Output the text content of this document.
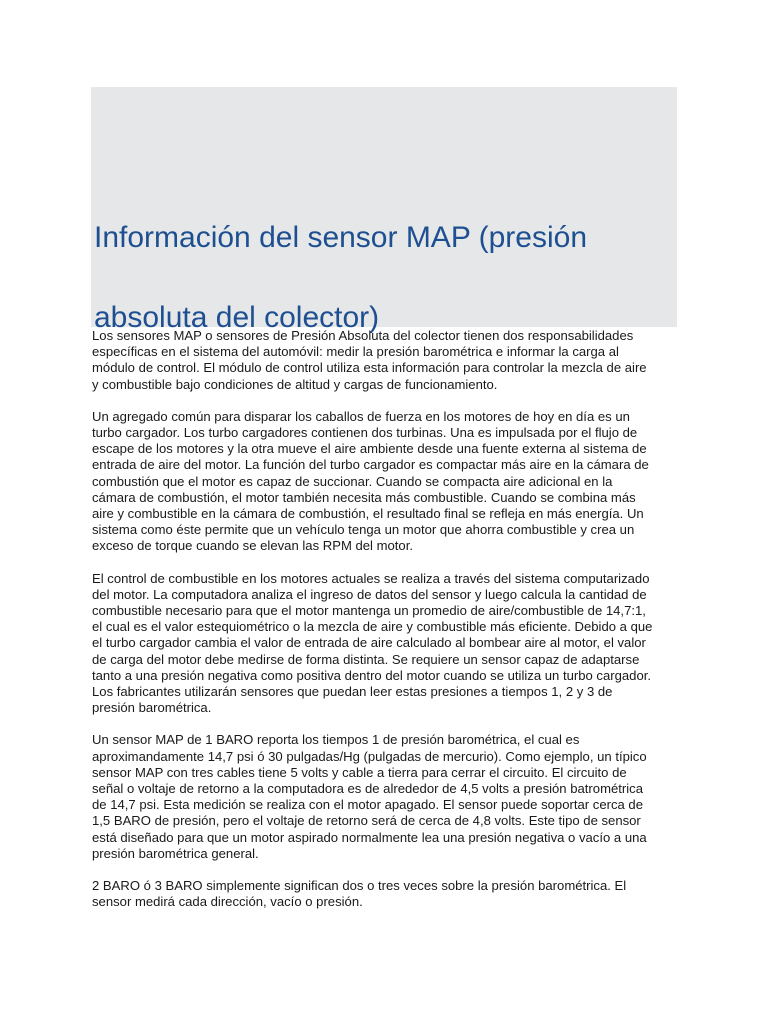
Información del sensor MAP (presión
absoluta del colector)

Los sensores MAP o sensores de Presión Absoluta del colector tienen dos responsabilidades
específicas en el sistema del automóvil: medir la presión barométrica e informar la carga al
módulo de control. El módulo de control utiliza esta información para controlar la mezcla de aire
y combustible bajo condiciones de altitud y cargas de funcionamiento.

Un agregado común para disparar los caballos de fuerza en los motores de hoy en día es un
turbo cargador. Los turbo cargadores contienen dos turbinas. Una es impulsada por el flujo de
escape de los motores y la otra mueve el aire ambiente desde una fuente externa al sistema de
entrada de aire del motor. La función del turbo cargador es compactar más aire en la cámara de
combustión que el motor es capaz de succionar. Cuando se compacta aire adicional en la
cámara de combustión, el motor también necesita más combustible. Cuando se combina más
aire y combustible en la cámara de combustión, el resultado final se refleja en más energía. Un
sistema como éste permite que un vehículo tenga un motor que ahorra combustible y crea un
exceso de torque cuando se elevan las RPM del motor.

El control de combustible en los motores actuales se realiza a través del sistema computarizado
del motor. La computadora analiza el ingreso de datos del sensor y luego calcula la cantidad de
combustible necesario para que el motor mantenga un promedio de aire/combustible de 14,7:1,
el cual es el valor estequiométrico o la mezcla de aire y combustible más eficiente. Debido a que
el turbo cargador cambia el valor de entrada de aire calculado al bombear aire al motor, el valor
de carga del motor debe medirse de forma distinta. Se requiere un sensor capaz de adaptarse
tanto a una presión negativa como positiva dentro del motor cuando se utiliza un turbo cargador.
Los fabricantes utilizarán sensores que puedan leer estas presiones a tiempos 1, 2 y 3 de
presión barométrica.

Un sensor MAP de 1 BARO reporta los tiempos 1 de presión barométrica, el cual es
aproximandamente 14,7 psi ó 30 pulgadas/Hg (pulgadas de mercurio). Como ejemplo, un típico
sensor MAP con tres cables tiene 5 volts y cable a tierra para cerrar el circuito. El circuito de
señal o voltaje de retorno a la computadora es de alrededor de 4,5 volts a presión batrométrica
de 14,7 psi. Esta medición se realiza con el motor apagado. El sensor puede soportar cerca de
1,5 BARO de presión, pero el voltaje de retorno será de cerca de 4,8 volts. Este tipo de sensor
está diseñado para que un motor aspirado normalmente lea una presión negativa o vacío a una
presión barométrica general.

2 BARO ó 3 BARO simplemente significan dos o tres veces sobre la presión barométrica. El
sensor medirá cada dirección, vacío o presión.
